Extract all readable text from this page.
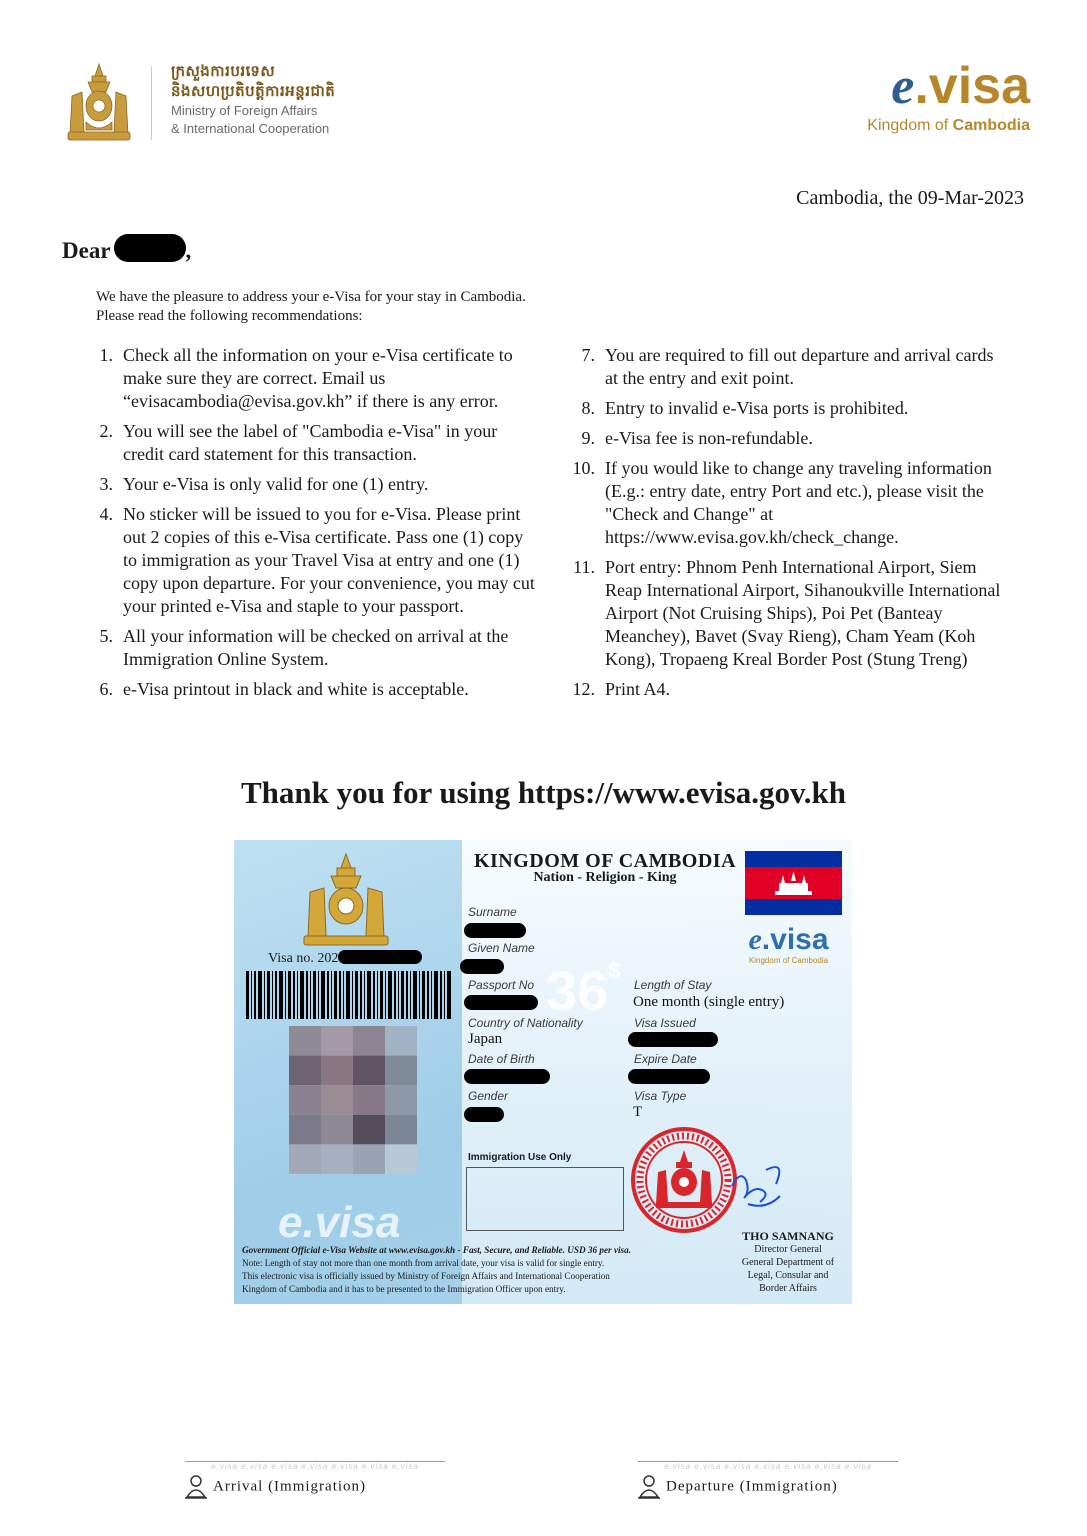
ក្រសួងការបរទេស
និងសហប្រតិបត្តិការអន្តរជាតិ
Ministry of Foreign Affairs
& International Cooperation
e.visa
Kingdom of Cambodia
Cambodia, the 09-Mar-2023
Dear	,
We have the pleasure to address your e-Visa for your stay in Cambodia.
Please read the following recommendations:
1. Check all the information on your e-Visa certificate to make sure they are correct. Email us “evisacambodia@evisa.gov.kh” if there is any error.
2. You will see the label of "Cambodia e-Visa" in your credit card statement for this transaction.
3. Your e-Visa is only valid for one (1) entry.
4. No sticker will be issued to you for e-Visa. Please print out 2 copies of this e-Visa certificate. Pass one (1) copy to immigration as your Travel Visa at entry and one (1) copy upon departure. For your convenience, you may cut your printed e-Visa and staple to your passport.
5. All your information will be checked on arrival at the Immigration Online System.
6. e-Visa printout in black and white is acceptable.
7. You are required to fill out departure and arrival cards at the entry and exit point.
8. Entry to invalid e-Visa ports is prohibited.
9. e-Visa fee is non-refundable.
10. If you would like to change any traveling information (E.g.: entry date, entry Port and etc.), please visit the "Check and Change" at https://www.evisa.gov.kh/check_change.
11. Port entry: Phnom Penh International Airport, Siem Reap International Airport, Sihanoukville International Airport (Not Cruising Ships), Poi Pet (Banteay Meanchey), Bavet (Svay Rieng), Cham Yeam (Koh Kong), Tropaeng Kreal Border Post (Stung Treng)
12. Print A4.
Thank you for using https://www.evisa.gov.kh
Visa no. 202
e.visa
KINGDOM OF CAMBODIA
Nation - Religion - King
e.visa
Kingdom of Cambodia
36$
Surname
Given Name
Passport No
Country of Nationality
Japan
Date of Birth
Gender
Length of Stay
One month (single entry)
Visa Issued
Expire Date
Visa Type
T
Immigration Use Only
THO SAMNANG
Director General
General Department of
Legal, Consular and
Border Affairs
Government Official e-Visa Website at www.evisa.gov.kh - Fast, Secure, and Reliable. USD 36 per visa.
Note: Length of stay not more than one month from arrival date, your visa is valid for single entry.
This electronic visa is officially issued by Ministry of Foreign Affairs and International Cooperation
Kingdom of Cambodia and it has to be presented to the Immigration Officer upon entry.
e.visa e.visa e.visa e.visa e.visa e.visa e.visa
Arrival (Immigration)
e.visa e.visa e.visa e.visa e.visa e.visa e.visa
Departure (Immigration)
